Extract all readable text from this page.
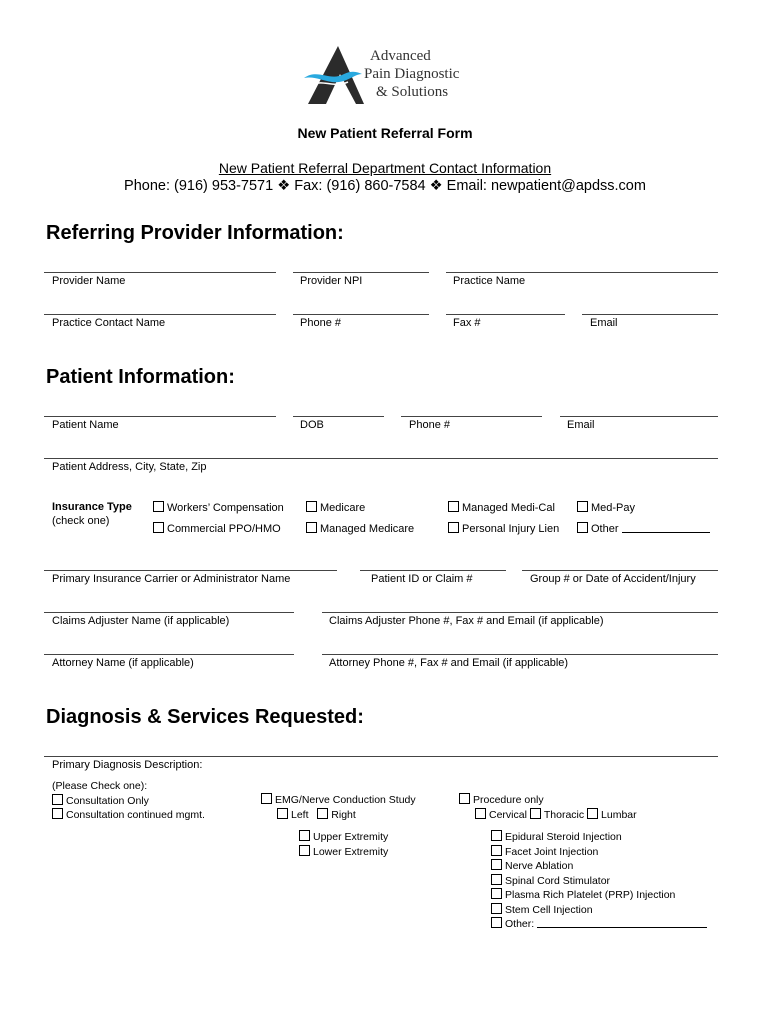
Advanced
Pain Diagnostic
& Solutions
New Patient Referral Form
New Patient Referral Department Contact Information
Phone: (916) 953-7571 ❖ Fax: (916) 860-7584 ❖ Email: newpatient@apdss.com
Referring Provider Information:
Provider Name	Provider NPI	Practice Name
Practice Contact Name	Phone #	Fax #	Email
Patient Information:
Patient Name	DOB	Phone #	Email
Patient Address, City, State, Zip
Insurance Type
(check one)
Workers’ Compensation	Medicare	Managed Medi-Cal	Med-Pay
Commercial PPO/HMO	Managed Medicare	Personal Injury Lien	Other
Primary Insurance Carrier or Administrator Name	Patient ID or Claim #	Group # or Date of Accident/Injury
Claims Adjuster Name (if applicable)	Claims Adjuster Phone #, Fax # and Email (if applicable)
Attorney Name (if applicable)	Attorney Phone #, Fax # and Email (if applicable)
Diagnosis & Services Requested:
Primary Diagnosis Description:
(Please Check one):
Consultation Only
Consultation continued mgmt.
EMG/Nerve Conduction Study
Left Right
Upper Extremity
Lower Extremity
Procedure only
Cervical Thoracic Lumbar
Epidural Steroid Injection
Facet Joint Injection
Nerve Ablation
Spinal Cord Stimulator
Plasma Rich Platelet (PRP) Injection
Stem Cell Injection
Other:
